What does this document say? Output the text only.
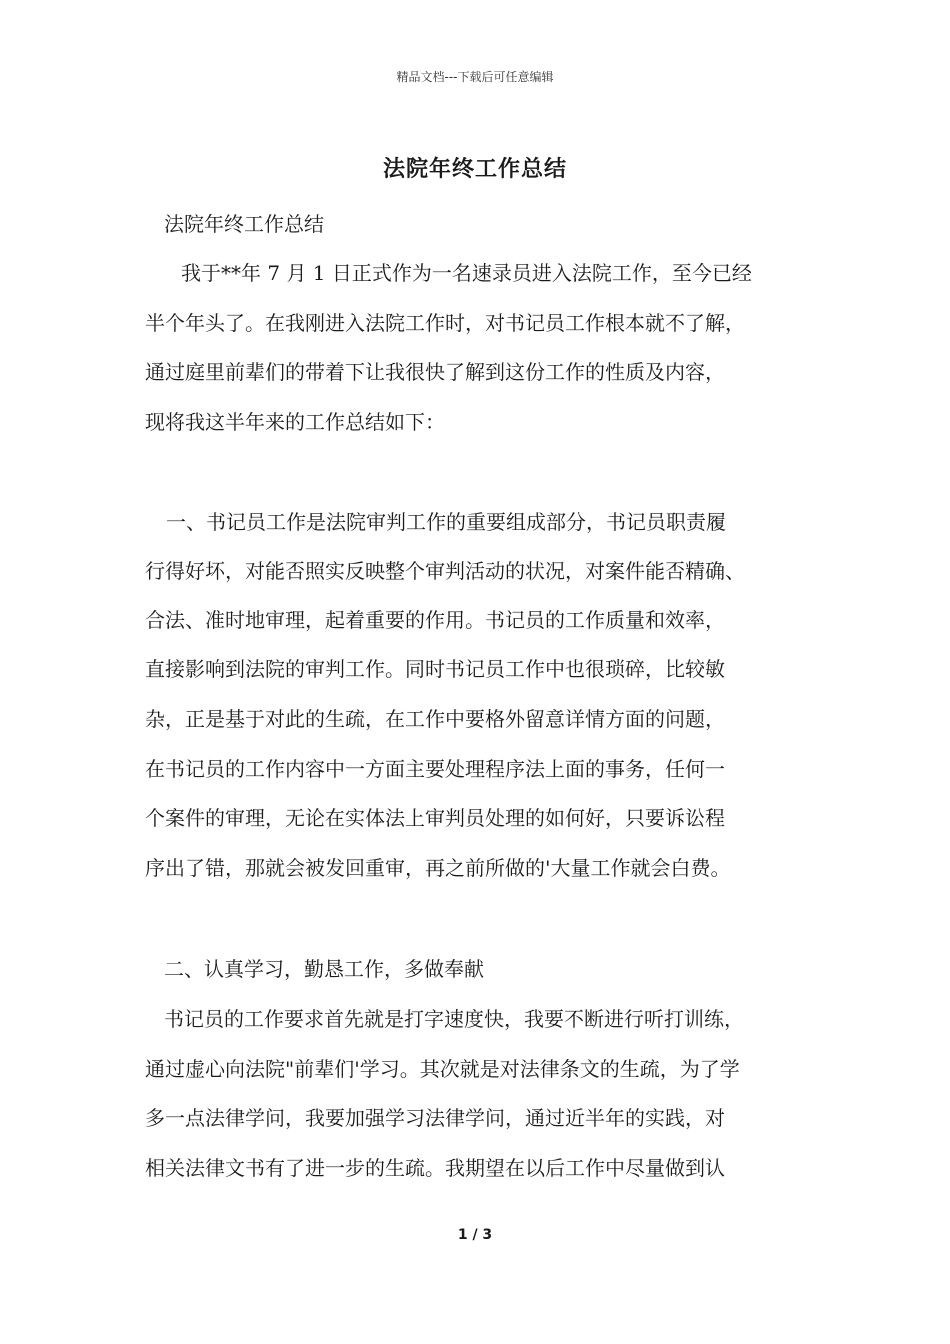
精品文档---下载后可任意编辑
法院年终工作总结
法院年终工作总结
我于**年 7 月 1 日正式作为一名速录员进入法院工作，至今已经
半个年头了。在我刚进入法院工作时，对书记员工作根本就不了解，
通过庭里前辈们的带着下让我很快了解到这份工作的性质及内容，
现将我这半年来的工作总结如下：
一、书记员工作是法院审判工作的重要组成部分，书记员职责履
行得好坏，对能否照实反映整个审判活动的状况，对案件能否精确、
合法、准时地审理，起着重要的作用。书记员的工作质量和效率，
直接影响到法院的审判工作。同时书记员工作中也很琐碎，比较敏
杂，正是基于对此的生疏，在工作中要格外留意详情方面的问题，
在书记员的工作内容中一方面主要处理程序法上面的事务，任何一
个案件的审理，无论在实体法上审判员处理的如何好，只要诉讼程
序出了错，那就会被发回重审，再之前所做的'大量工作就会白费。
二、认真学习，勤恳工作，多做奉献
书记员的工作要求首先就是打字速度快，我要不断进行听打训练，
通过虚心向法院"前辈们'学习。其次就是对法律条文的生疏，为了学
多一点法律学问，我要加强学习法律学问，通过近半年的实践，对
相关法律文书有了进一步的生疏。我期望在以后工作中尽量做到认
1 / 3
